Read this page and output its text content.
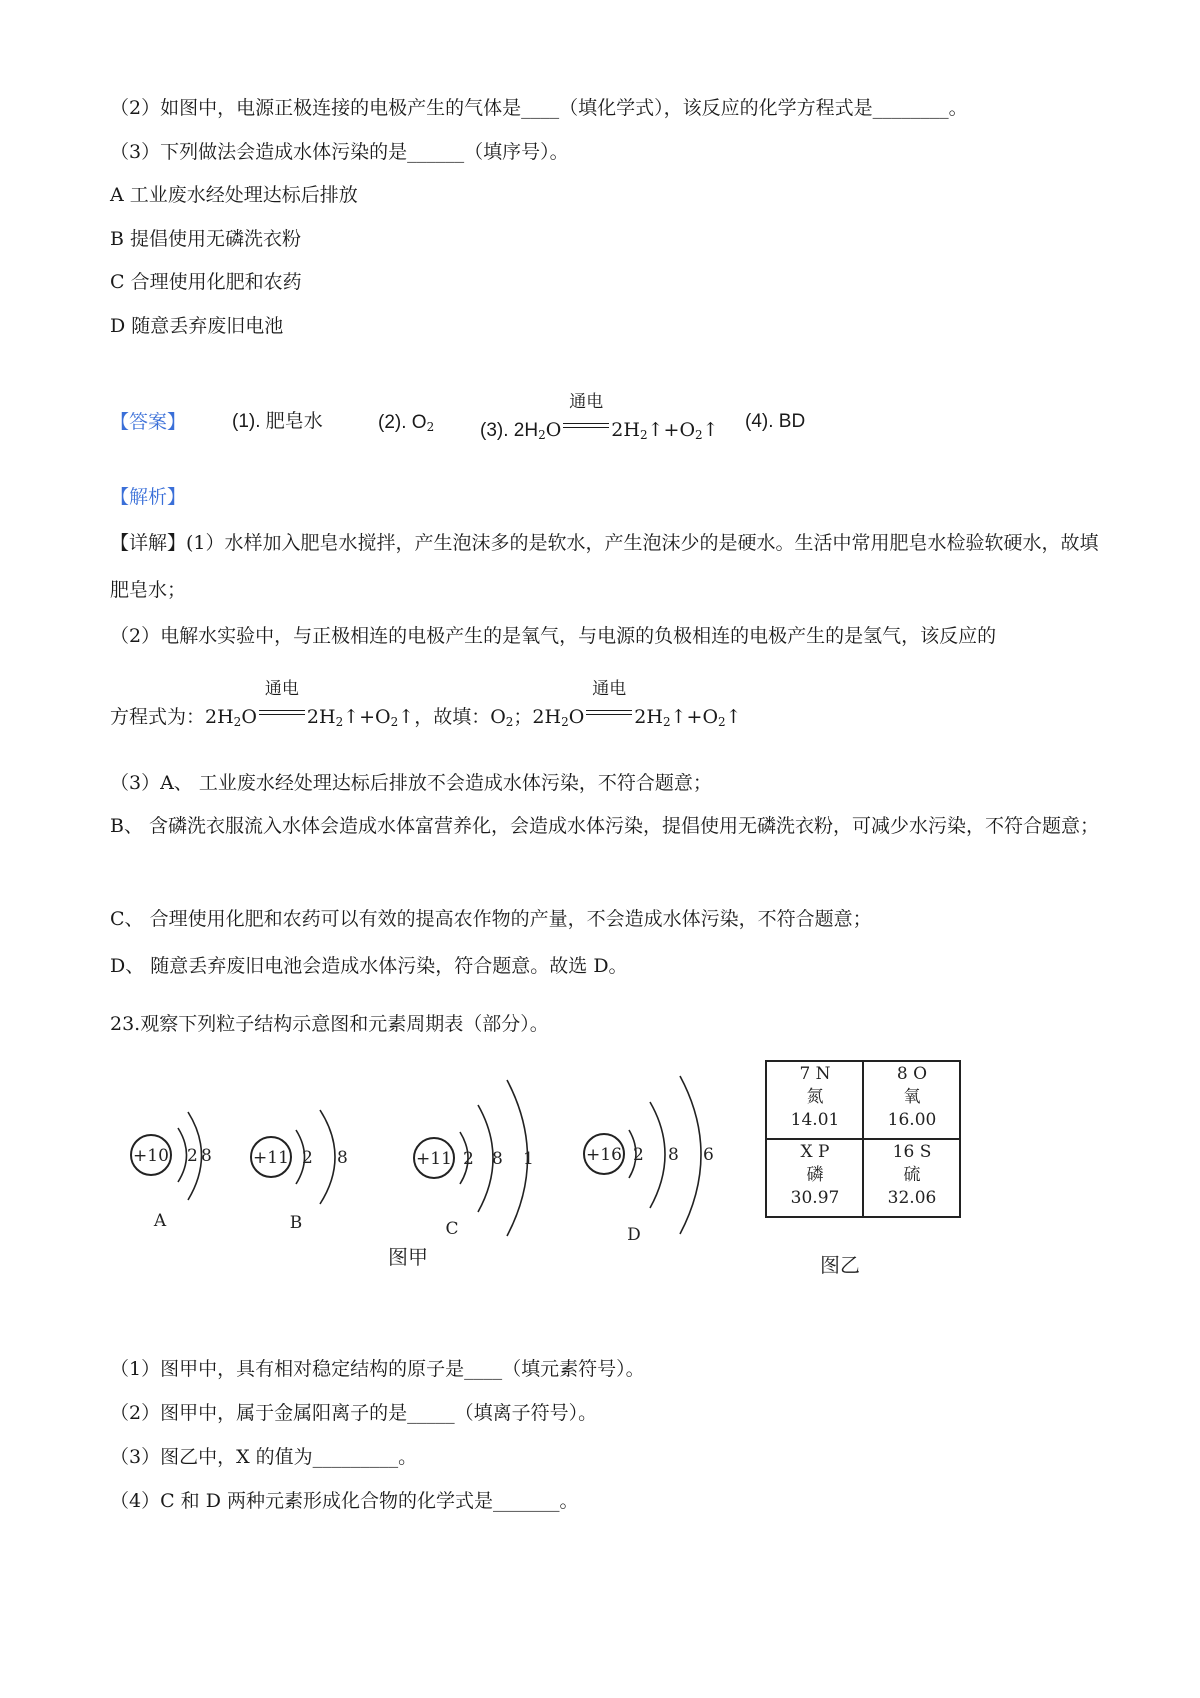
（2）如图中，电源正极连接的电极产生的气体是____（填化学式），该反应的化学方程式是________。
（3）下列做法会造成水体污染的是______（填序号）。
A 工业废水经处理达标后排放
B 提倡使用无磷洗衣粉
C 合理使用化肥和农药
D 随意丢弃废旧电池
【答案】 (1). 肥皂水	(2). $O_2$ (3). $2H_2O$
通电
$2H_2↑+O_2↑$ (4). BD
【解析】
【详解】(1）水样加入肥皂水搅拌，产生泡沫多的是软水，产生泡沫少的是硬水。生活中常用肥皂水检验软硬水，故填肥皂水；
（2）电解水实验中，与正极相连的电极产生的是氧气，与电源的负极相连的电极产生的是氢气，该反应的
方程式为：$2H_2O$
通电
$2H_2↑+O_2↑$，故填：$O_2$；$2H_2O$
通电
$2H_2↑+O_2↑$
（3）A、 工业废水经处理达标后排放不会造成水体污染，不符合题意；
B、 含磷洗衣服流入水体会造成水体富营养化，会造成水体污染，提倡使用无磷洗衣粉，可减少水污染，不符合题意；
C、 合理使用化肥和农药可以有效的提高农作物的产量，不会造成水体污染，不符合题意；
D、 随意丢弃废旧电池会造成水体污染，符合题意。故选 D。
23.观察下列粒子结构示意图和元素周期表（部分）。
+10 2 8
A
+11 2 8
B
+11 2 8 1
C
+16 2 8 6
D
图甲	图乙
7 N
氮
14.01
8 O
氧
16.00
X P
磷
30.97
16 S
硫
32.06
（1）图甲中，具有相对稳定结构的原子是____（填元素符号）。
（2）图甲中，属于金属阳离子的是_____（填离子符号）。
（3）图乙中，X 的值为_________。
（4）C 和 D 两种元素形成化合物的化学式是_______。
